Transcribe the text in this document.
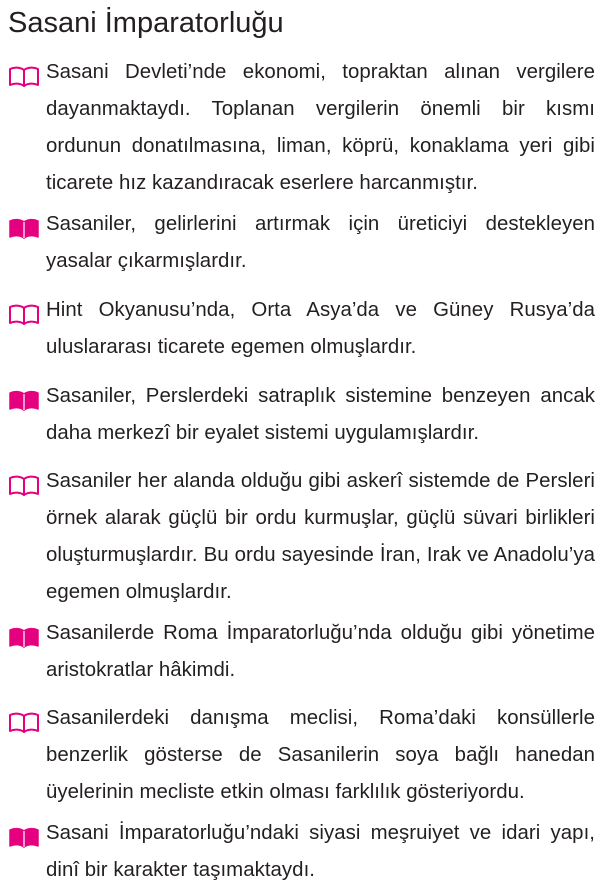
Sasani İmparatorluğu

Sasani Devleti’nde ekonomi, topraktan alınan vergilere dayanmaktaydı. Toplanan vergilerin önemli bir kısmı ordunun donatılmasına, liman, köprü, konaklama yeri gibi ticarete hız kazandıracak eserlere harcanmıştır.

Sasaniler, gelirlerini artırmak için üreticiyi destekleyen yasalar çıkarmışlardır.

Hint Okyanusu’nda, Orta Asya’da ve Güney Rusya’da uluslararası ticarete egemen olmuşlardır.

Sasaniler, Perslerdeki satraplık sistemine benzeyen ancak daha merkezî bir eyalet sistemi uygulamışlardır.

Sasaniler her alanda olduğu gibi askerî sistemde de Persleri örnek alarak güçlü bir ordu kurmuşlar, güçlü süvari birlikleri oluşturmuşlardır. Bu ordu sayesinde İran, Irak ve Anadolu’ya egemen olmuşlardır.

Sasanilerde Roma İmparatorluğu’nda olduğu gibi yönetime aristokratlar hâkimdi.

Sasanilerdeki danışma meclisi, Roma’daki konsüllerle benzerlik gösterse de Sasanilerin soya bağlı hanedan üyelerinin mecliste etkin olması farklılık gösteriyordu.

Sasani İmparatorluğu’ndaki siyasi meşruiyet ve idari yapı, dinî bir karakter taşımaktaydı.
